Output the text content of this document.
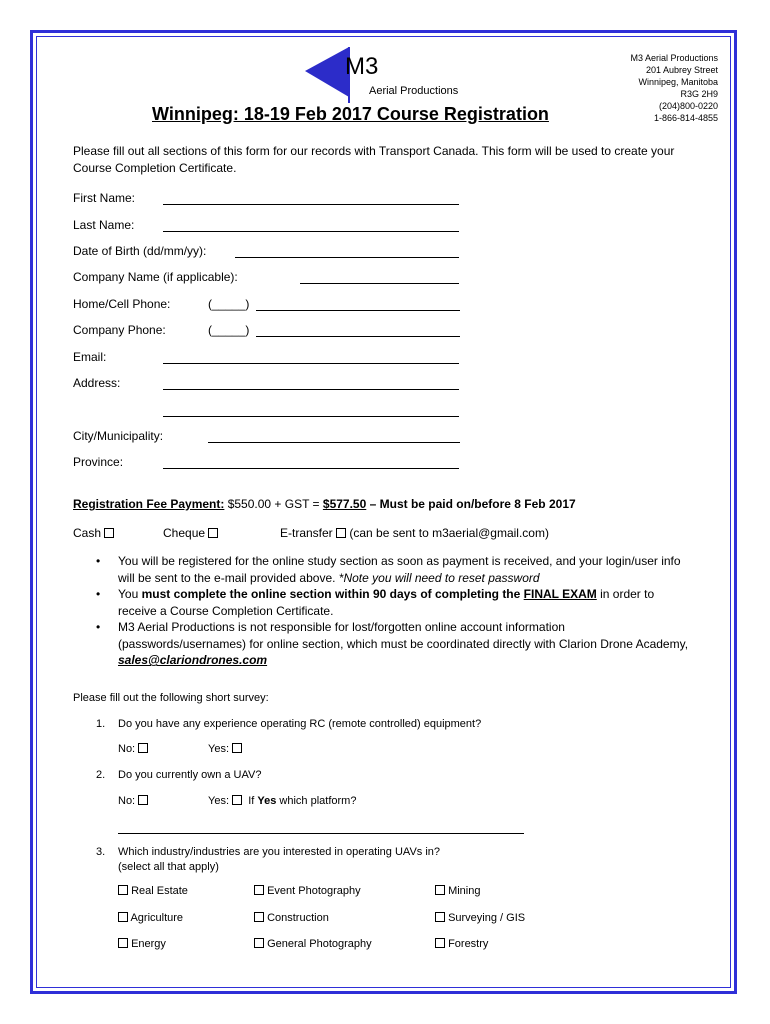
M3
Aerial Productions
M3 Aerial Productions
201 Aubrey Street
Winnipeg, Manitoba
R3G 2H9
(204)800-0220
1-866-814-4855
Winnipeg: 18-19 Feb 2017 Course Registration
Please fill out all sections of this form for our records with Transport Canada. This form will be used to create your Course Completion Certificate.
First Name:
Last Name:
Date of Birth (dd/mm/yy):
Company Name (if applicable):
Home/Cell Phone:	(_____)
Company Phone:	(_____)
Email:
Address:
City/Municipality:
Province:
Registration Fee Payment: $550.00 + GST = $577.50 – Must be paid on/before 8 Feb 2017
Cash	Cheque	E-transfer (can be sent to m3aerial@gmail.com)
• You will be registered for the online study section as soon as payment is received, and your login/user info will be sent to the e-mail provided above. *Note you will need to reset password
• You must complete the online section within 90 days of completing the FINAL EXAM in order to receive a Course Completion Certificate.
• M3 Aerial Productions is not responsible for lost/forgotten online account information (passwords/usernames) for online section, which must be coordinated directly with Clarion Drone Academy, sales@clariondrones.com
Please fill out the following short survey:
1. Do you have any experience operating RC (remote controlled) equipment?
No:	Yes:
2. Do you currently own a UAV?
No:	Yes: If Yes which platform?
3. Which industry/industries are you interested in operating UAVs in?
(select all that apply)
Real Estate	Event Photography	Mining
Agriculture	Construction	Surveying / GIS
Energy	General Photography	Forestry
